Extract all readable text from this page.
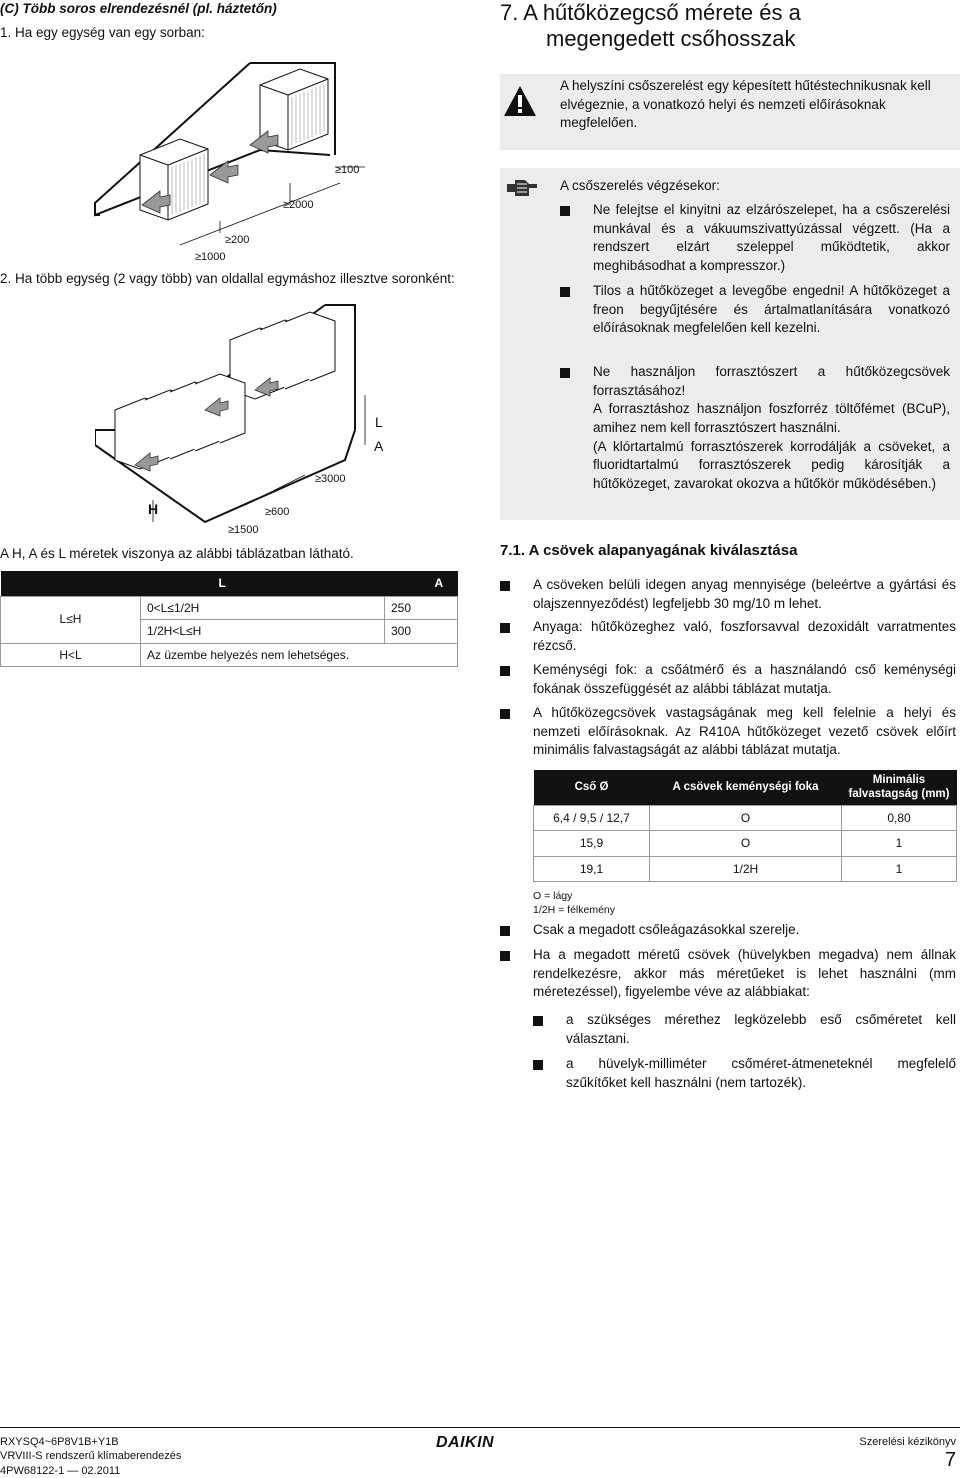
(C) Több soros elrendezésnél (pl. háztetőn)
1. Ha egy egység van egy sorban:
≥100
≥2000
≥200
≥1000
2. Ha több egység (2 vagy több) van oldallal egymáshoz illesztve soronként:
L
A
H
≥3000
≥600
≥1500
A H, A és L méretek viszonya az alábbi táblázatban látható.
	L	A
L≤H	0<L≤1/2H	250
	1/2H<L≤H	300
H<L	Az üzembe helyezés nem lehetséges.	
7. A hűtőközegcső mérete és a
megengedett csőhosszak
A helyszíni csőszerelést egy képesített hűtéstechnikusnak kell elvégeznie, a vonatkozó helyi és nemzeti előírásoknak megfelelően.
A csőszerelés végzésekor:
Ne felejtse el kinyitni az elzárószelepet, ha a csőszerelési munkával és a vákuumszivattyúzással végzett. (Ha a rendszert elzárt szeleppel működtetik, akkor meghibásodhat a kompresszor.)
Tilos a hűtőközeget a levegőbe engedni! A hűtőközeget a freon begyűjtésére és ártalmatlanítására vonatkozó előírásoknak megfelelően kell kezelni.
Ne használjon forrasztószert a hűtőközegcsövek forrasztásához!
A forrasztáshoz használjon foszforréz töltőfémet (BCuP), amihez nem kell forrasztószert használni.
(A klórtartalmú forrasztószerek korrodálják a csöveket, a fluoridtartalmú forrasztószerek pedig károsítják a hűtőközeget, zavarokat okozva a hűtőkör működésében.)
7.1. A csövek alapanyagának kiválasztása
A csöveken belüli idegen anyag mennyisége (beleértve a gyártási és olajszennyeződést) legfeljebb 30 mg/10 m lehet.
Anyaga: hűtőközeghez való, foszforsavval dezoxidált varratmentes rézcső.
Keménységi fok: a csőátmérő és a használandó cső keménységi fokának összefüggését az alábbi táblázat mutatja.
A hűtőközegcsövek vastagságának meg kell felelnie a helyi és nemzeti előírásoknak. Az R410A hűtőközeget vezető csövek előírt minimális falvastagságát az alábbi táblázat mutatja.
Cső Ø	A csövek keménységi foka	Minimális falvastagság (mm)
6,4 / 9,5 / 12,7	O	0,80
15,9	O	1
19,1	1/2H	1
O = lágy
1/2H = félkemény
Csak a megadott csőleágazásokkal szerelje.
Ha a megadott méretű csövek (hüvelykben megadva) nem állnak rendelkezésre, akkor más méretűeket is lehet használni (mm méretezéssel), figyelembe véve az alábbiakat:
a szükséges mérethez legközelebb eső csőméretet kell választani.
a hüvelyk-milliméter csőméret-átmeneteknél megfelelő szűkítőket kell használni (nem tartozék).
RXYSQ4~6P8V1B+Y1B
VRVIII-S rendszerű klímaberendezés
4PW68122-1 — 02.2011
DAIKIN	Szerelési kézikönyv
7
